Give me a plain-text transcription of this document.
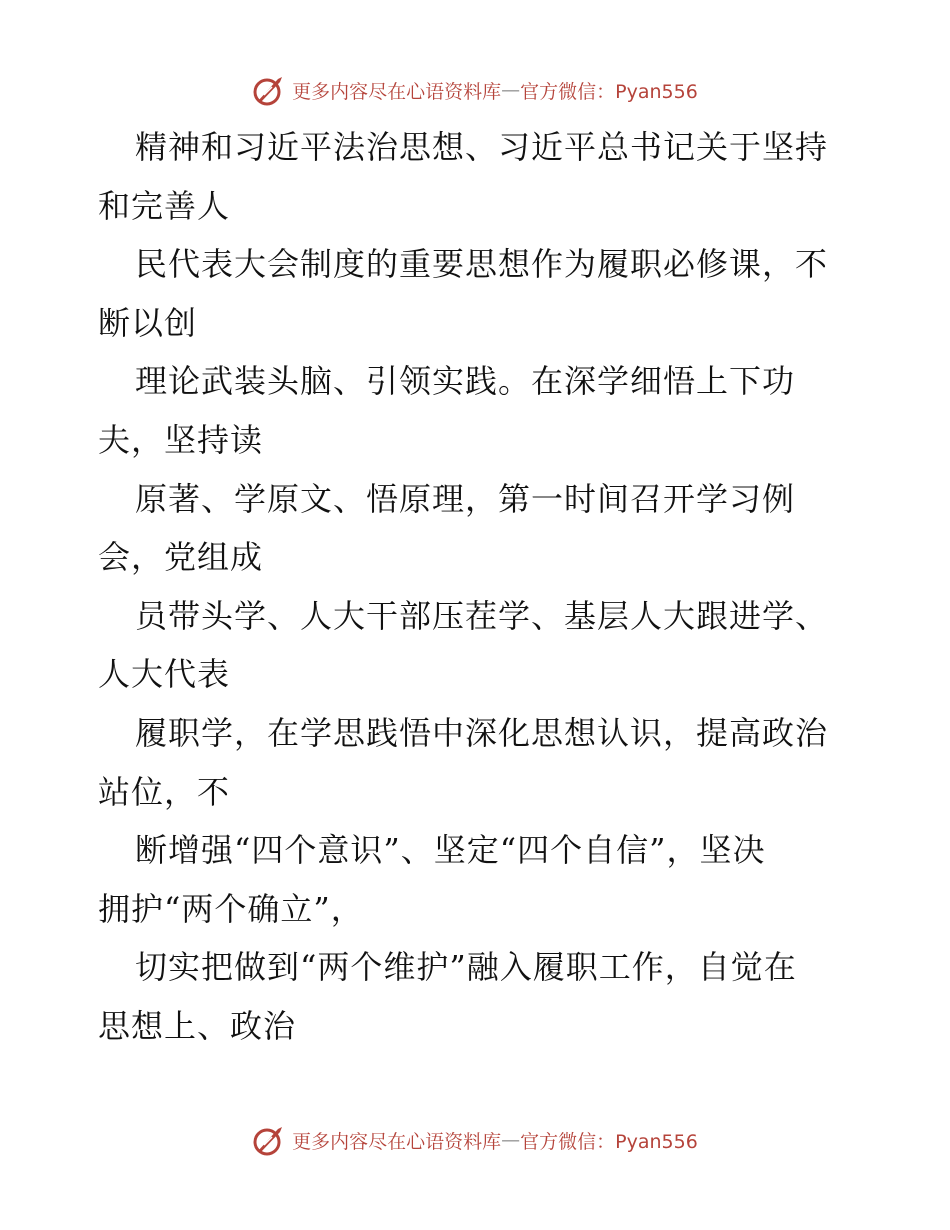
更多内容尽在心语资料库 — 官方微信：Pyan556
精神和习近平法治思想、习近平总书记关于坚持
和完善人
民代表大会制度的重要思想作为履职必修课，不
断以创
理论武装头脑、引领实践。在深学细悟上下功
夫，坚持读
原著、学原文、悟原理，第一时间召开学习例
会，党组成
员带头学、人大干部压茬学、基层人大跟进学、
人大代表
履职学，在学思践悟中深化思想认识，提高政治
站位，不
断增强“四个意识”、坚定“四个自信”，坚决
拥护“两个确立”，
切实把做到“两个维护”融入履职工作，自觉在
思想上、政治
更多内容尽在心语资料库 — 官方微信：Pyan556
